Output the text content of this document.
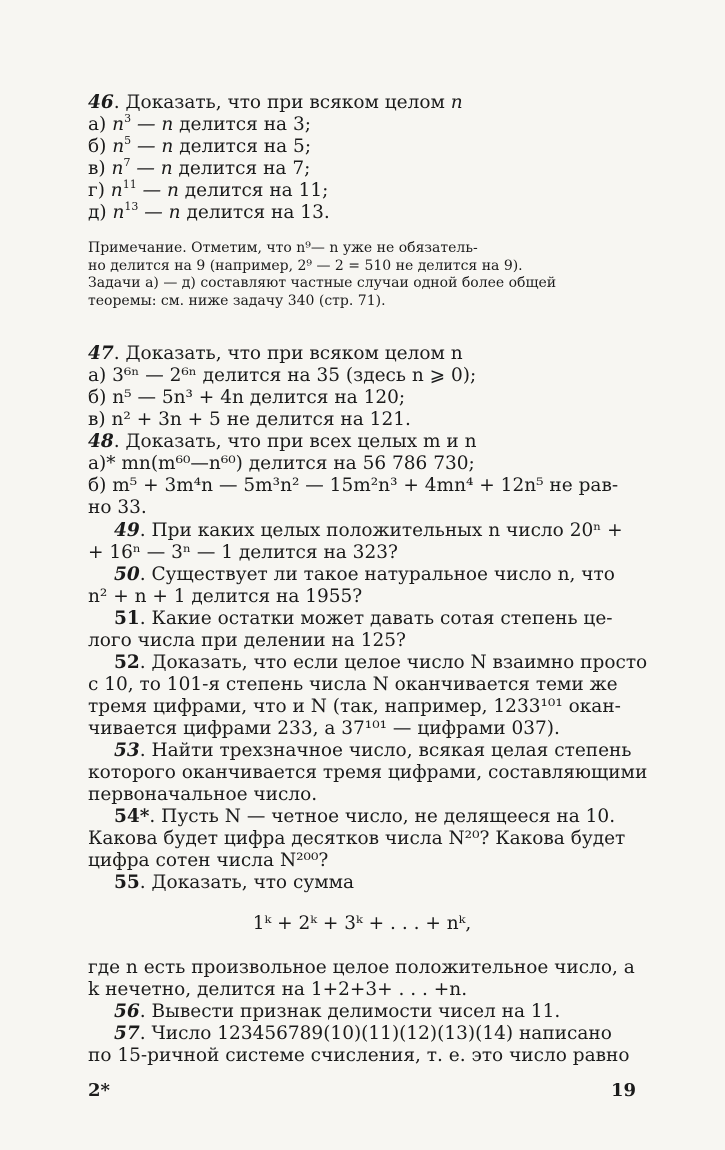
46. Доказать, что при всяком целом n
а) $n^3$ — n делится на 3;
б) $n^5$ — n делится на 5;
в) $n^7$ — n делится на 7;
г) $n^{11}$ — n делится на 11;
д) $n^{13}$ — n делится на 13.
Примечание. Отметим, что n⁹— n уже не обязатель-
но делится на 9 (например, 2⁹ — 2 = 510 не делится на 9).
Задачи а) — д) составляют частные случаи одной более общей
теоремы: см. ниже задачу 340 (стр. 71).
47. Доказать, что при всяком целом n
а) 3⁶ⁿ — 2⁶ⁿ делится на 35 (здесь n ⩾ 0);
б) n⁵ — 5n³ + 4n делится на 120;
в) n² + 3n + 5 не делится на 121.
48. Доказать, что при всех целых m и n
а)* mn(m⁶⁰—n⁶⁰) делится на 56 786 730;
б) m⁵ + 3m⁴n — 5m³n² — 15m²n³ + 4mn⁴ + 12n⁵ не рав-
но 33.
49. При каких целых положительных n число 20ⁿ +
+ 16ⁿ — 3ⁿ — 1 делится на 323?
50. Существует ли такое натуральное число n, что
n² + n + 1 делится на 1955?
51. Какие остатки может давать сотая степень це-
лого числа при делении на 125?
52. Доказать, что если целое число N взаимно просто
с 10, то 101-я степень числа N оканчивается теми же
тремя цифрами, что и N (так, например, 1233¹⁰¹ окан-
чивается цифрами 233, а 37¹⁰¹ — цифрами 037).
53. Найти трехзначное число, всякая целая степень
которого оканчивается тремя цифрами, составляющими
первоначальное число.
54*. Пусть N — четное число, не делящееся на 10.
Какова будет цифра десятков числа N²⁰? Какова будет
цифра сотен числа N²⁰⁰?
55. Доказать, что сумма
1ᵏ + 2ᵏ + 3ᵏ + . . . + nᵏ,
где n есть произвольное целое положительное число, а
k нечетно, делится на 1+2+3+ . . . +n.
56. Вывести признак делимости чисел на 11.
57. Число 123456789(10)(11)(12)(13)(14) написано
по 15-ричной системе счисления, т. е. это число равно
2*	19
